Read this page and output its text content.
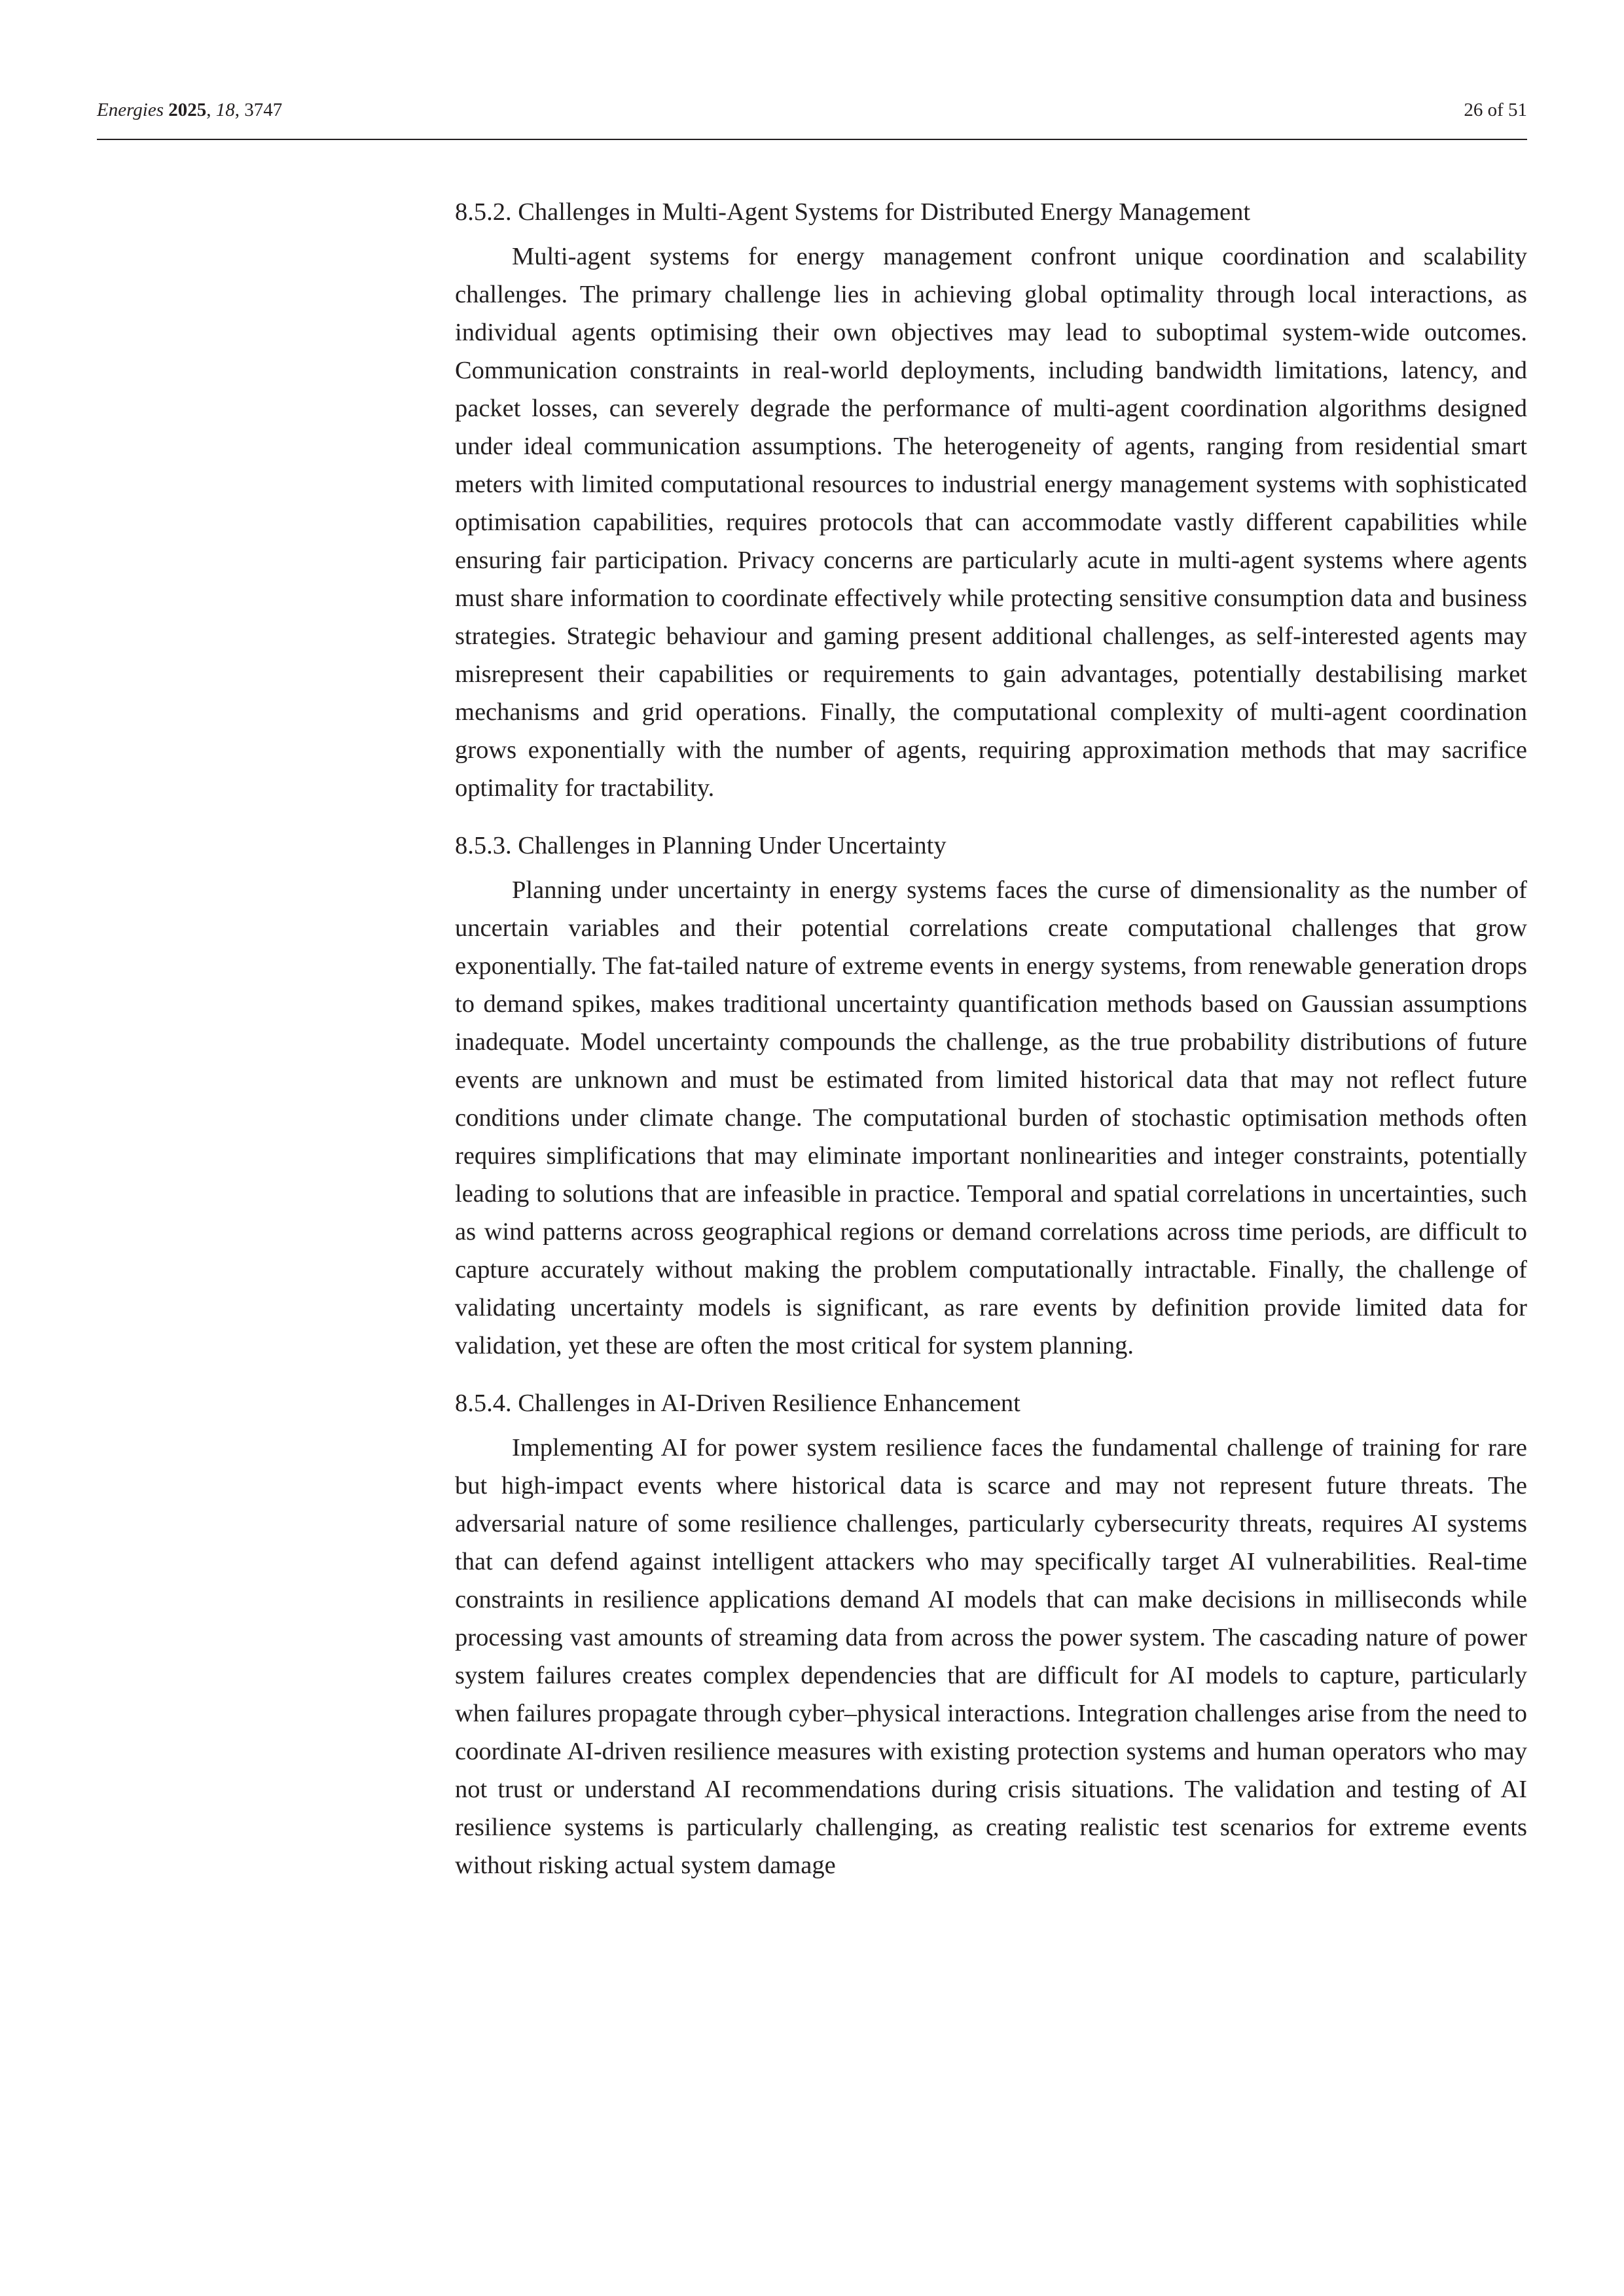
Energies 2025, 18, 3747	26 of 51
8.5.2. Challenges in Multi-Agent Systems for Distributed Energy Management

Multi-agent systems for energy management confront unique coordination and scalability challenges. The primary challenge lies in achieving global optimality through local interactions, as individual agents optimising their own objectives may lead to suboptimal system-wide outcomes. Communication constraints in real-world deployments, including bandwidth limitations, latency, and packet losses, can severely degrade the performance of multi-agent coordination algorithms designed under ideal communication assumptions. The heterogeneity of agents, ranging from residential smart meters with limited computational resources to industrial energy management systems with sophisticated optimisation capabilities, requires protocols that can accommodate vastly different capabilities while ensuring fair participation. Privacy concerns are particularly acute in multi-agent systems where agents must share information to coordinate effectively while protecting sensitive consumption data and business strategies. Strategic behaviour and gaming present additional challenges, as self-interested agents may misrepresent their capabilities or requirements to gain advantages, potentially destabilising market mechanisms and grid operations. Finally, the computational complexity of multi-agent coordination grows exponentially with the number of agents, requiring approximation methods that may sacrifice optimality for tractability.

8.5.3. Challenges in Planning Under Uncertainty

Planning under uncertainty in energy systems faces the curse of dimensionality as the number of uncertain variables and their potential correlations create computational challenges that grow exponentially. The fat-tailed nature of extreme events in energy systems, from renewable generation drops to demand spikes, makes traditional uncertainty quantification methods based on Gaussian assumptions inadequate. Model uncertainty compounds the challenge, as the true probability distributions of future events are unknown and must be estimated from limited historical data that may not reflect future conditions under climate change. The computational burden of stochastic optimisation methods often requires simplifications that may eliminate important nonlinearities and integer constraints, potentially leading to solutions that are infeasible in practice. Temporal and spatial correlations in uncertainties, such as wind patterns across geographical regions or demand correlations across time periods, are difficult to capture accurately without making the problem computationally intractable. Finally, the challenge of validating uncertainty models is significant, as rare events by definition provide limited data for validation, yet these are often the most critical for system planning.

8.5.4. Challenges in AI-Driven Resilience Enhancement

Implementing AI for power system resilience faces the fundamental challenge of training for rare but high-impact events where historical data is scarce and may not represent future threats. The adversarial nature of some resilience challenges, particularly cybersecurity threats, requires AI systems that can defend against intelligent attackers who may specifically target AI vulnerabilities. Real-time constraints in resilience applications demand AI models that can make decisions in milliseconds while processing vast amounts of streaming data from across the power system. The cascading nature of power system failures creates complex dependencies that are difficult for AI models to capture, particularly when failures propagate through cyber–physical interactions. Integration challenges arise from the need to coordinate AI-driven resilience measures with existing protection systems and human operators who may not trust or understand AI recommendations during crisis situations. The validation and testing of AI resilience systems is particularly challenging, as creating realistic test scenarios for extreme events without risking actual system damage
